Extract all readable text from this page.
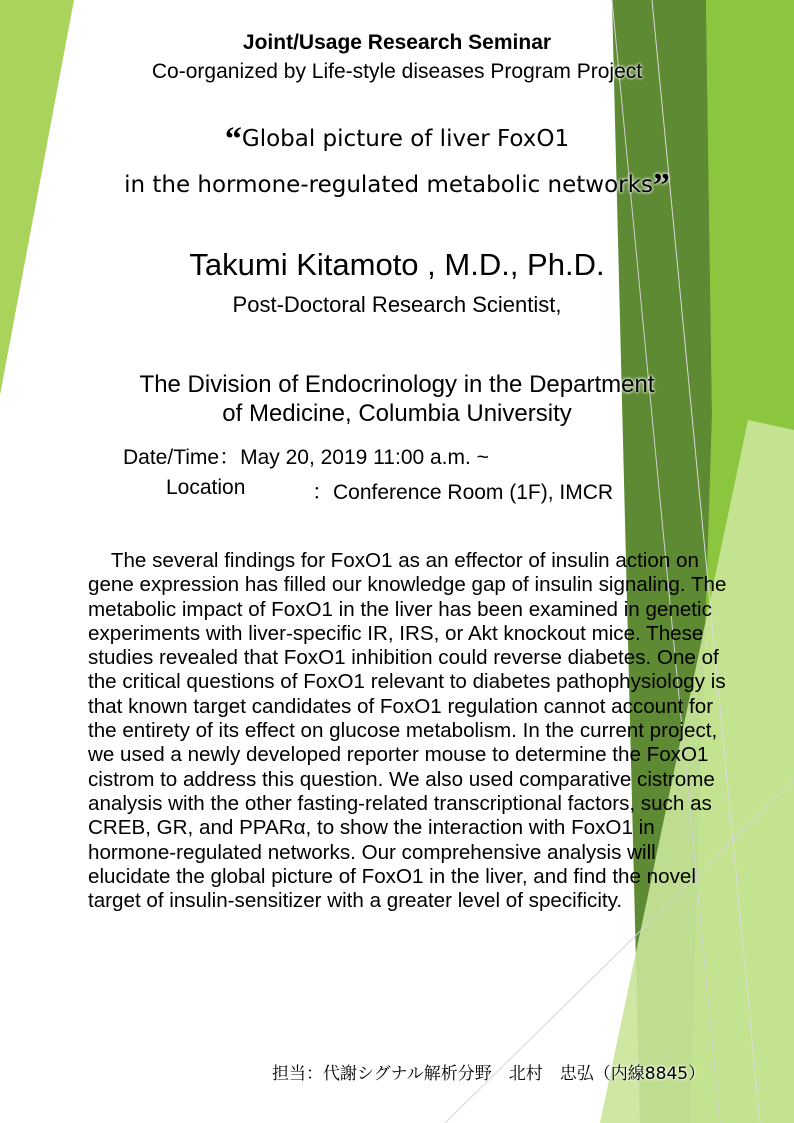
Joint/Usage Research Seminar
Co-organized by Life-style diseases Program Project
“Global picture of liver FoxO1
in the hormone-regulated metabolic networks”
Takumi Kitamoto , M.D., Ph.D.
Post-Doctoral Research Scientist,
The Division of Endocrinology in the Department
of Medicine, Columbia University
Date/Time：May 20, 2019 11:00 a.m. ~
Location	：Conference Room (1F), IMCR

The several findings for FoxO1 as an effector of insulin action on gene expression has filled our knowledge gap of insulin signaling. The metabolic impact of FoxO1 in the liver has been examined in genetic experiments with liver-specific IR, IRS, or Akt knockout mice. These studies revealed that FoxO1 inhibition could reverse diabetes. One of the critical questions of FoxO1 relevant to diabetes pathophysiology is that known target candidates of FoxO1 regulation cannot account for the entirety of its effect on glucose metabolism. In the current project, we used a newly developed reporter mouse to determine the FoxO1 cistrom to address this question. We also used comparative cistrome analysis with the other fasting-related transcriptional factors, such as CREB, GR, and PPARα, to show the interaction with FoxO1 in hormone-regulated networks. Our comprehensive analysis will elucidate the global picture of FoxO1 in the liver, and find the novel target of insulin-sensitizer with a greater level of specificity.

担当：代謝シグナル解析分野　北村　忠弘（内線8845）
